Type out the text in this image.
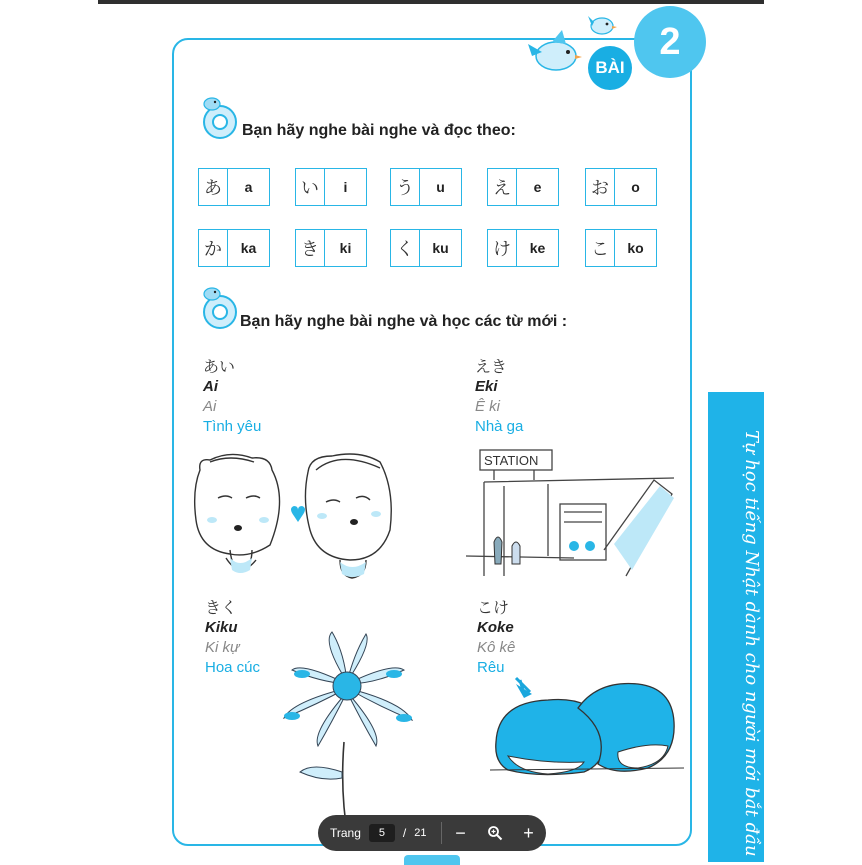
2
BÀI
Bạn hãy nghe bài nghe và đọc theo:
あ	a	い	i	う	u	え	e	お	o
か	ka	き	ki	く	ku	け	ke	こ	ko
Bạn hãy nghe bài nghe và học các từ mới :
あい
Ai
Ai
Tình yêu
えき
Eki
Ê ki
Nhà ga
きく
Kiku
Ki kự
Hoa cúc
こけ
Koke
Kô kê
Rêu
STATION	Tự học tiếng Nhật dành cho người mới bắt đầu
Trang	5	/ 21	−	+
